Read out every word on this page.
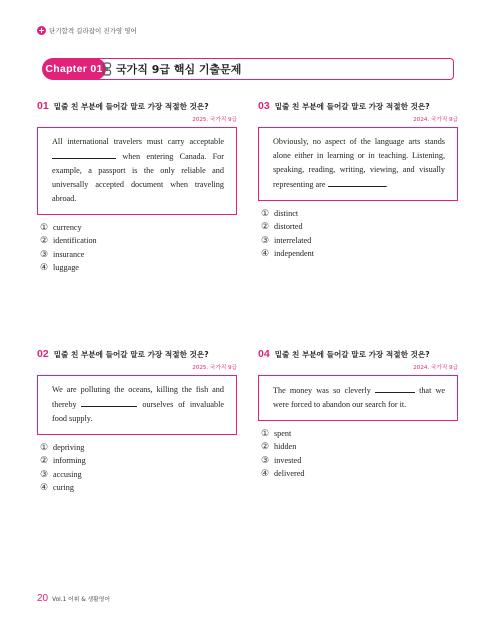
단기합격 길라잡이 진가영 영어
Chapter 01	국가직 9급 핵심 기출문제
01 밑줄 친 부분에 들어갈 말로 가장 적절한 것은?
2025. 국가직 9급
All international travelers must carry acceptable  when entering Canada. For example, a passport is the only reliable and universally accepted document when traveling abroad.
① currency
② identification
③ insurance
④ luggage
03 밑줄 친 부분에 들어갈 말로 가장 적절한 것은?
2024. 국가직 9급
Obviously, no aspect of the language arts stands alone either in learning or in teaching. Listening, speaking, reading, writing, viewing, and visually representing are	.
① distinct
② distorted
③ interrelated
④ independent
02 밑줄 친 부분에 들어갈 말로 가장 적절한 것은?
2025. 국가직 9급
We are polluting the oceans, killing the fish and thereby	ourselves of invaluable food supply.
① depriving
② informing
③ accusing
④ curing
04 밑줄 친 부분에 들어갈 말로 가장 적절한 것은?
2024. 국가직 9급
The money was so cleverly	that we were forced to abandon our search for it.
① spent
② hidden
③ invested
④ delivered
20 Vol.1 어휘 & 생활영어
